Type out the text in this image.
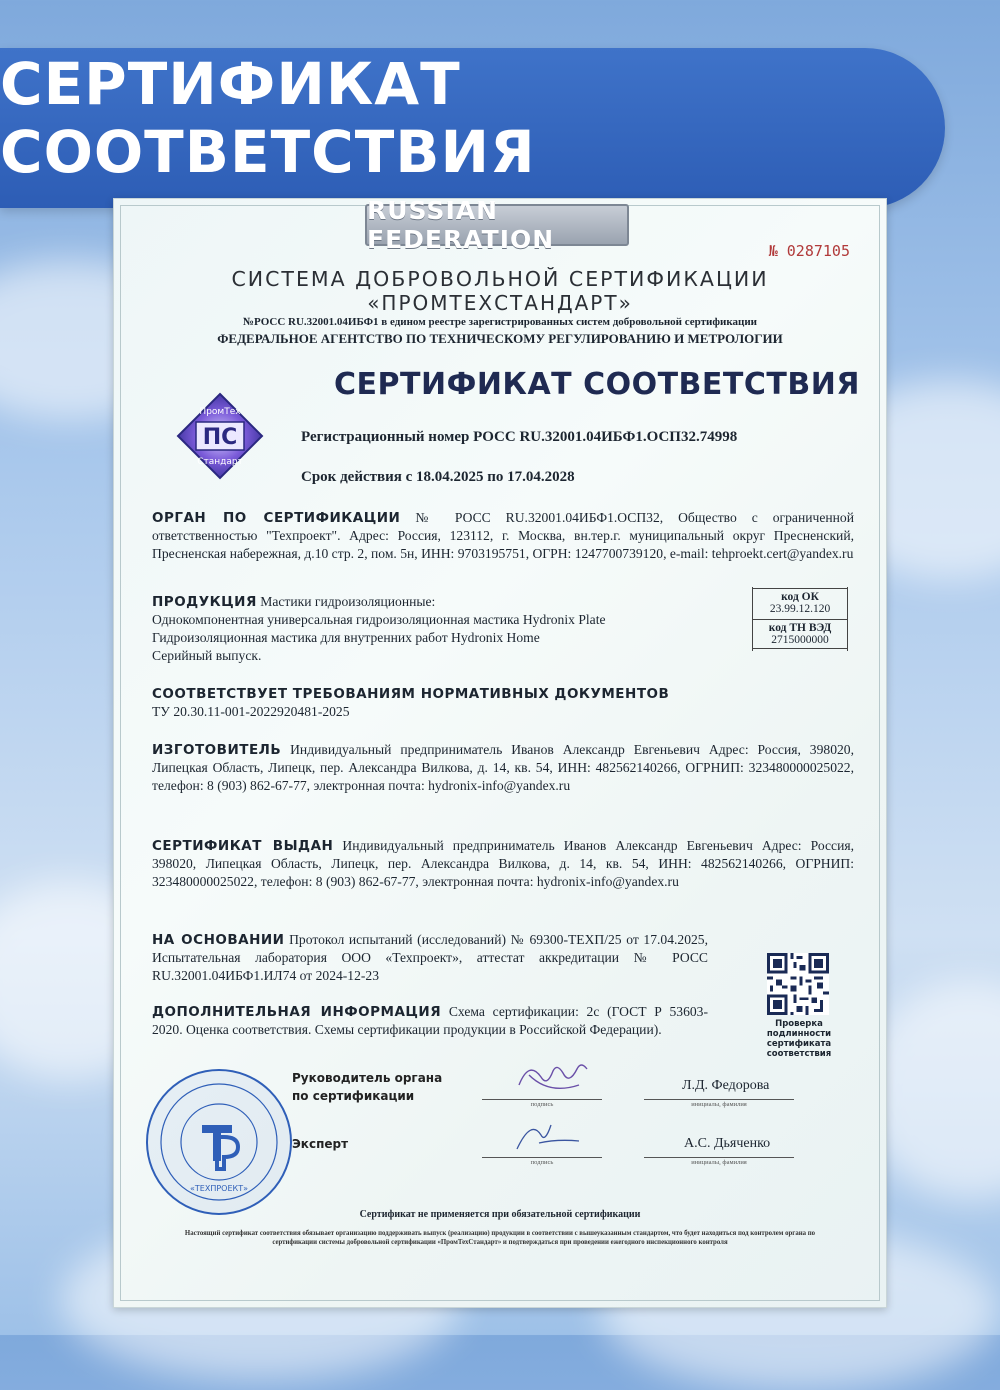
СЕРТИФИКАТ СООТВЕТСТВИЯ
RUSSIAN FEDERATION	№ 0287105
СИСТЕМА ДОБРОВОЛЬНОЙ СЕРТИФИКАЦИИ
«ПРОМТЕХСТАНДАРТ»
№РОСС RU.32001.04ИБФ1 в едином реестре зарегистрированных систем добровольной сертификации
ФЕДЕРАЛЬНОЕ АГЕНТСТВО ПО ТЕХНИЧЕСКОМУ РЕГУЛИРОВАНИЮ И МЕТРОЛОГИИ
СЕРТИФИКАТ СООТВЕТСТВИЯ
ПС
ПромТех
Стандарт
Регистрационный номер РОСС RU.32001.04ИБФ1.ОСП32.74998
Срок действия с 18.04.2025 по 17.04.2028
ОРГАН ПО СЕРТИФИКАЦИИ № РОСС RU.32001.04ИБФ1.ОСП32, Общество с ограниченной ответственностью "Техпроект". Адрес: Россия, 123112, г. Москва, вн.тер.г. муниципальный округ Пресненский, Пресненская набережная, д.10 стр. 2, пом. 5н, ИНН: 9703195751, ОГРН: 1247700739120, e-mail: tehproekt.cert@yandex.ru
ПРОДУКЦИЯ Мастики гидроизоляционные:
Однокомпонентная универсальная гидроизоляционная мастика Hydronix Plate
Гидроизоляционная мастика для внутренних работ Hydronix Home
Серийный выпуск.
код ОК
23.99.12.120
код ТН ВЭД
2715000000
СООТВЕТСТВУЕТ ТРЕБОВАНИЯМ НОРМАТИВНЫХ ДОКУМЕНТОВ
ТУ 20.30.11-001-2022920481-2025
ИЗГОТОВИТЕЛЬ Индивидуальный предприниматель Иванов Александр Евгеньевич Адрес: Россия, 398020, Липецкая Область, Липецк, пер. Александра Вилкова, д. 14, кв. 54, ИНН: 482562140266, ОГРНИП: 323480000025022, телефон: 8 (903) 862-67-77, электронная почта: hydronix-info@yandex.ru
СЕРТИФИКАТ ВЫДАН Индивидуальный предприниматель Иванов Александр Евгеньевич Адрес: Россия, 398020, Липецкая Область, Липецк, пер. Александра Вилкова, д. 14, кв. 54, ИНН: 482562140266, ОГРНИП: 323480000025022, телефон: 8 (903) 862-67-77, электронная почта: hydronix-info@yandex.ru
НА ОСНОВАНИИ Протокол испытаний (исследований) № 69300-ТЕХП/25 от 17.04.2025, Испытательная лаборатория ООО «Техпроект», аттестат аккредитации № РОСС RU.32001.04ИБФ1.ИЛ74 от 2024-12-23
ДОПОЛНИТЕЛЬНАЯ ИНФОРМАЦИЯ Схема сертификации: 2с (ГОСТ Р 53603-2020. Оценка соответствия. Схемы сертификации продукции в Российской Федерации).	Проверка подлинности сертификата соответствия
«ТЕХПРОЕКТ»
Руководитель органа
по сертификации
подпись
Л.Д. Федорова
инициалы, фамилия
Эксперт
подпись
А.С. Дьяченко
инициалы, фамилия
Сертификат не применяется при обязательной сертификации
Настоящий сертификат соответствия обязывает организацию поддерживать выпуск (реализацию) продукции в соответствии с вышеуказанным стандартом, что будет находиться под контролем органа по сертификации системы добровольной сертификации «ПромТехСтандарт» и подтверждаться при проведении ежегодного инспекционного контроля
